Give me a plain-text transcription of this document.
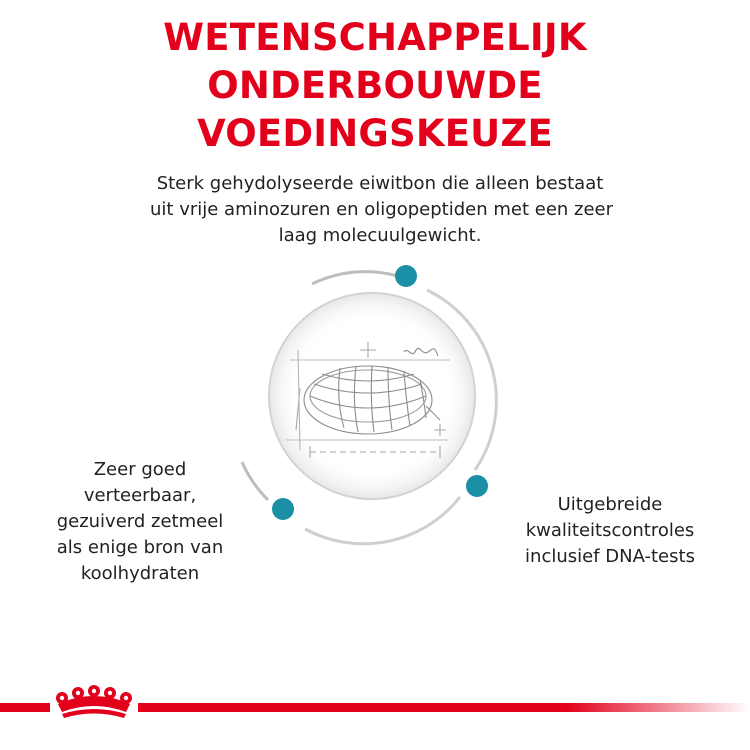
WETENSCHAPPELIJK ONDERBOUWDE
VOEDINGSKEUZE
Sterk gehydolyseerde eiwitbon die alleen bestaat
uit vrije aminozuren en oligopeptiden met een zeer
laag molecuulgewicht.
Zeer goed
verteerbaar,
gezuiverd zetmeel
als enige bron van
koolhydraten
Uitgebreide
kwaliteitscontroles
inclusief DNA-tests
